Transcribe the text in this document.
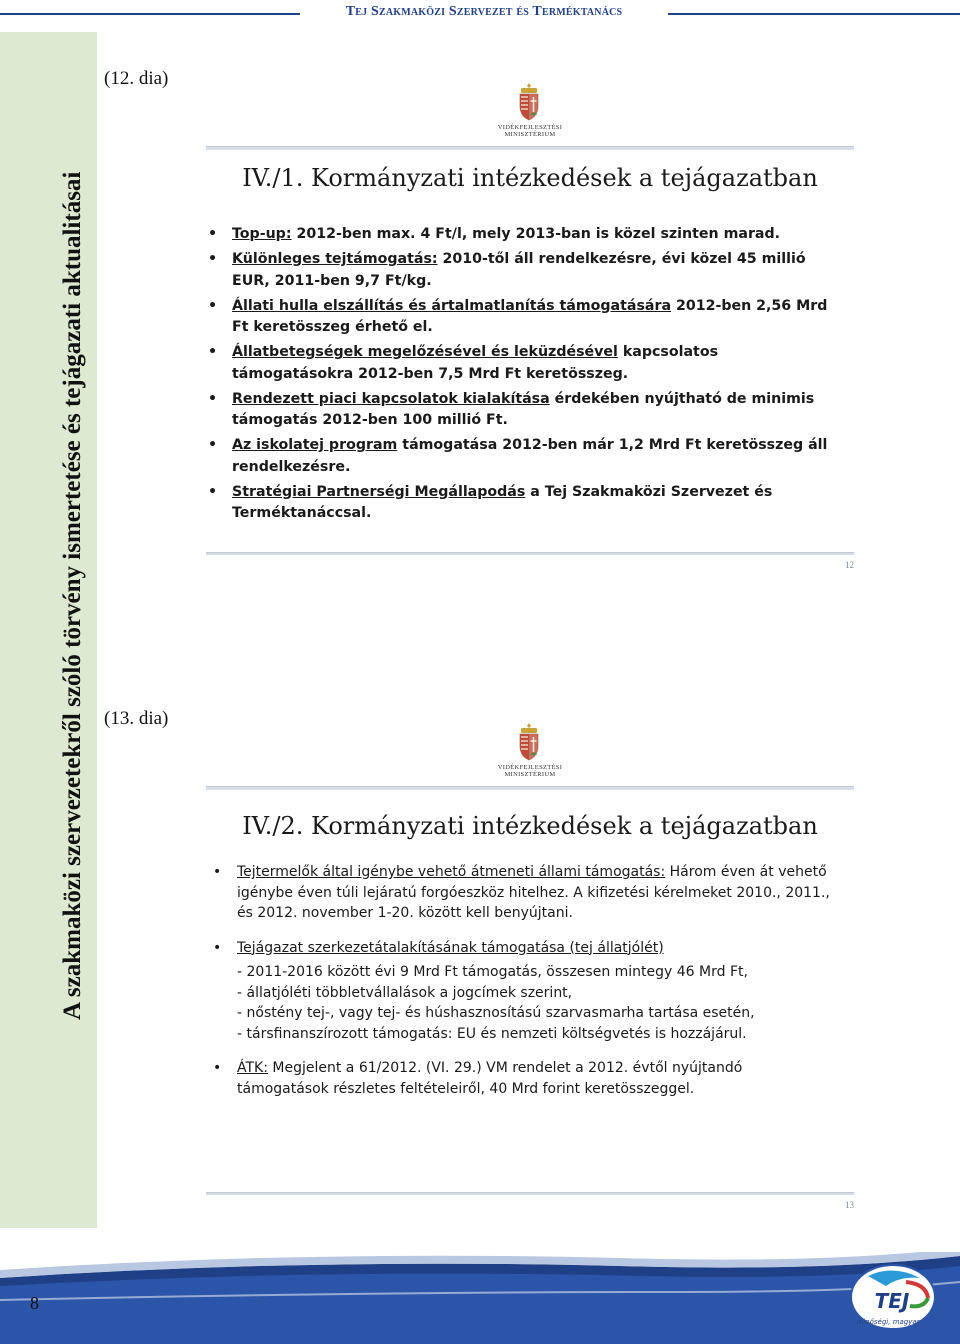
Tej Szakmaközi Szervezet és Terméktanács
A szakmaközi szervezetekről szóló törvény ismertetése és tejágazati aktualitásai
(12. dia)
(13. dia)
VIDÉKFEJLESZTÉSI
MINISZTÉRIUM
IV./1. Kormányzati intézkedések a tejágazatban
• Top-up: 2012-ben max. 4 Ft/l, mely 2013-ban is közel szinten marad.
• Különleges tejtámogatás: 2010-től áll rendelkezésre, évi közel 45 millió EUR, 2011-ben 9,7 Ft/kg.
• Állati hulla elszállítás és ártalmatlanítás támogatására 2012-ben 2,56 Mrd Ft keretösszeg érhető el.
• Állatbetegségek megelőzésével és leküzdésével kapcsolatos támogatásokra 2012-ben 7,5 Mrd Ft keretösszeg.
• Rendezett piaci kapcsolatok kialakítása érdekében nyújtható de minimis támogatás 2012-ben 100 millió Ft.
• Az iskolatej program támogatása 2012-ben már 1,2 Mrd Ft keretösszeg áll rendelkezésre.
• Stratégiai Partnerségi Megállapodás a Tej Szakmaközi Szervezet és Terméktanáccsal.
12
VIDÉKFEJLESZTÉSI
MINISZTÉRIUM
IV./2. Kormányzati intézkedések a tejágazatban
• Tejtermelők által igénybe vehető átmeneti állami támogatás: Három éven át vehető igénybe éven túli lejáratú forgóeszköz hitelhez. A kifizetési kérelmeket 2010., 2011., és 2012. november 1-20. között kell benyújtani.
• Tejágazat szerkezetátalakításának támogatása (tej állatjólét)
- 2011-2016 között évi 9 Mrd Ft támogatás, összesen mintegy 46 Mrd Ft,
- állatjóléti többletvállalások a jogcímek szerint,
- nőstény tej-, vagy tej- és húshasznosítású szarvasmarha tartása esetén,
- társfinanszírozott támogatás: EU és nemzeti költségvetés is hozzájárul.
• ÁTK: Megjelent a 61/2012. (VI. 29.) VM rendelet a 2012. évtől nyújtandó támogatások részletes feltételeiről, 40 Mrd forint keretösszeggel.
13
8	TEJ
minőségi, magyar
